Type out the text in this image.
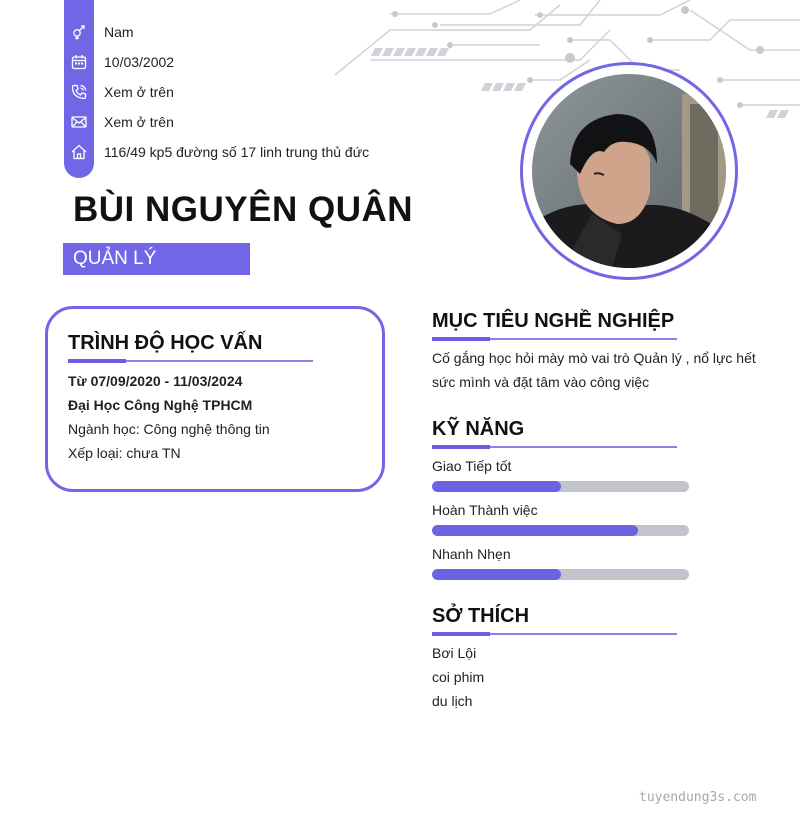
Nam
10/03/2002
Xem ở trên
Xem ở trên
116/49 kp5 đường số 17 linh trung thủ đức
BÙI NGUYÊN QUÂN
QUẢN LÝ
TRÌNH ĐỘ HỌC VẤN
Từ 07/09/2020 - 11/03/2024
Đại Học Công Nghệ TPHCM
Ngành học: Công nghệ thông tin
Xếp loại: chưa TN
MỤC TIÊU NGHỀ NGHIỆP
Cố gắng học hỏi mày mò vai trò Quản lý , nổ lực hết
sức mình và đặt tâm vào công việc
KỸ NĂNG
Giao Tiếp tốt
Hoàn Thành việc
Nhanh Nhẹn
SỞ THÍCH
Bơi Lội
coi phim
du lịch
tuyendung3s.com
